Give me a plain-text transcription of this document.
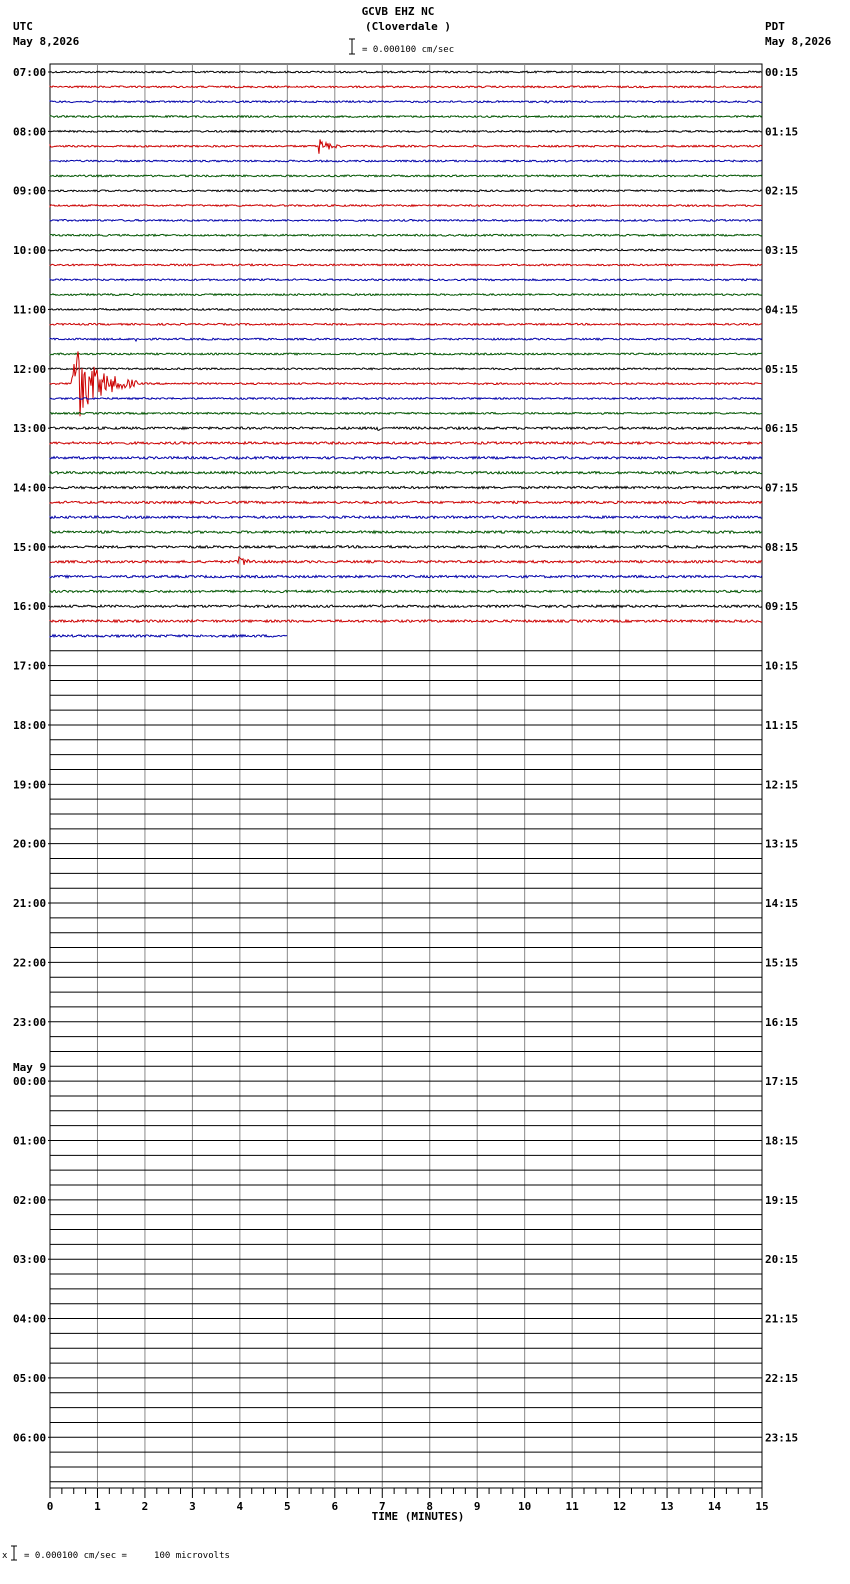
GCVB EHZ NC
(Cloverdale )
= 0.000100 cm/sec
UTC
May 8,2026
PDT
May 8,2026
07:00
08:00
09:00
10:00
11:00
12:00
13:00
14:00
15:00
16:00
17:00
18:00
19:00
20:00
21:00
22:00
23:00
00:00
01:00
02:00
03:00
04:00
05:00
06:00
May 9
00:15
01:15
02:15
03:15
04:15
05:15
06:15
07:15
08:15
09:15
10:15
11:15
12:15
13:15
14:15
15:15
16:15
17:15
18:15
19:15
20:15
21:15
22:15
23:15
0	1	2	3	4	5	6	7	8	9	10	11	12	13	14	15
TIME (MINUTES)
x = 0.000100 cm/sec =     100 microvolts
